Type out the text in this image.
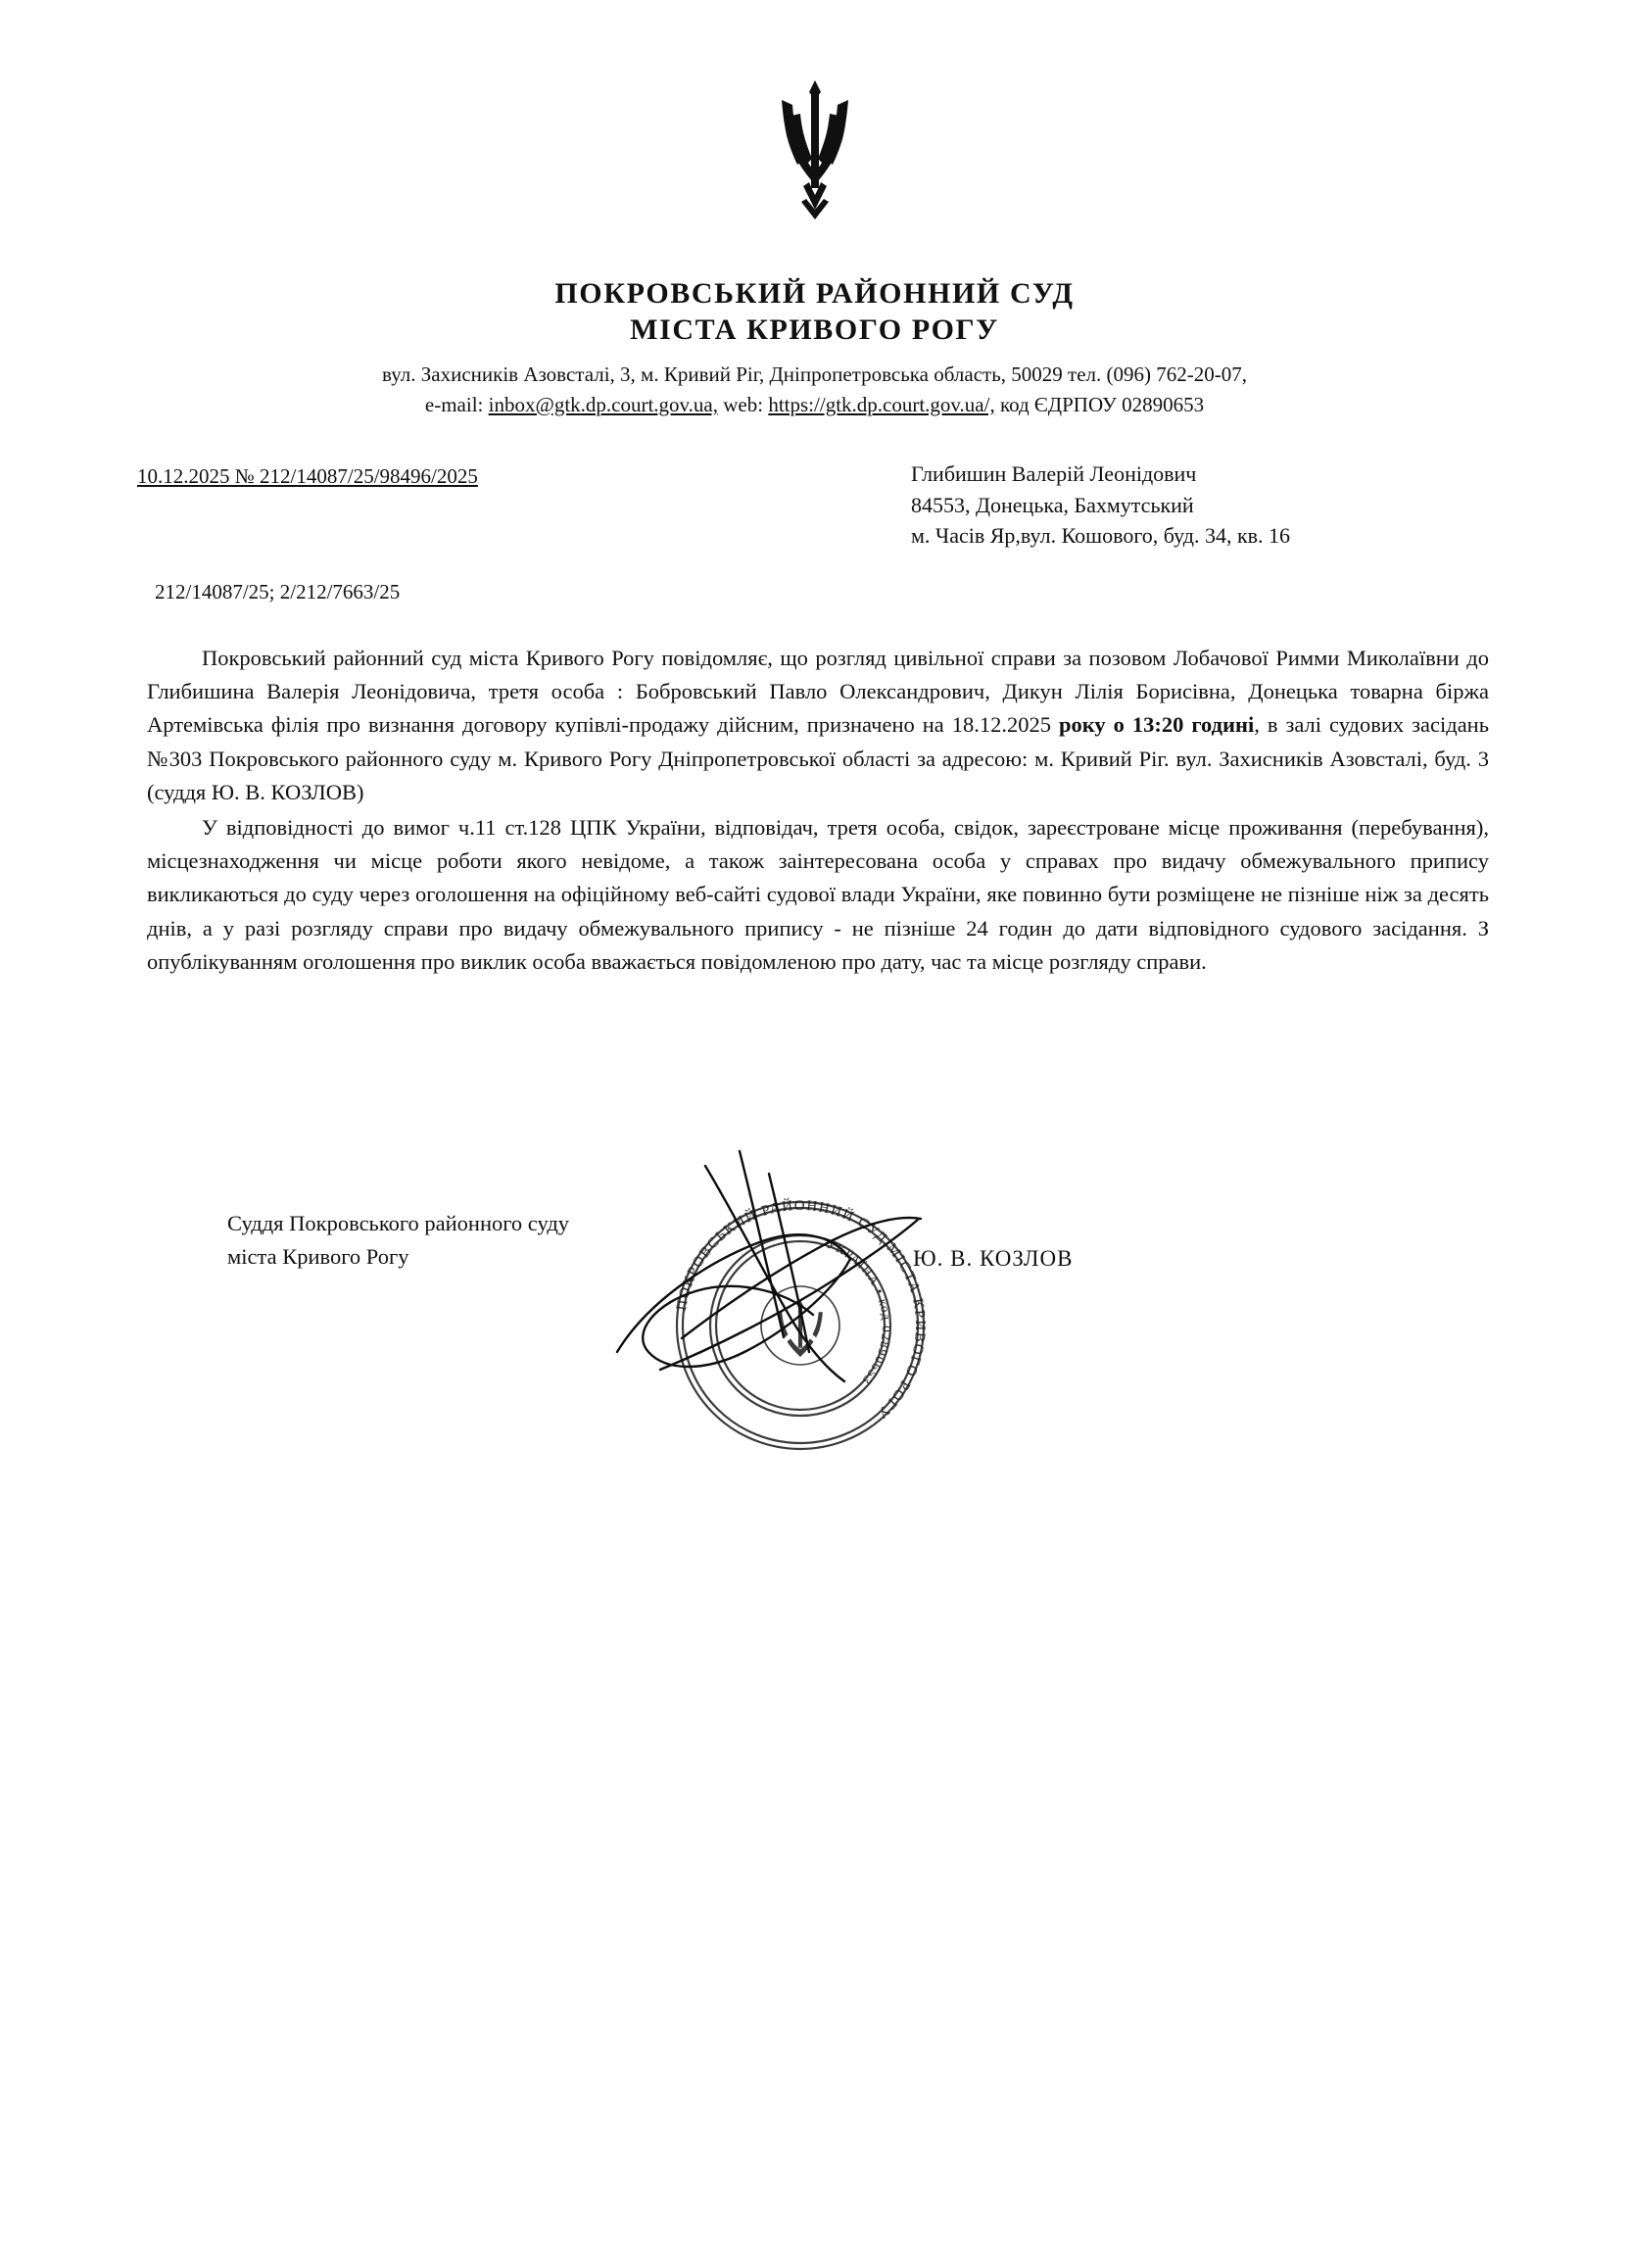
ПОКРОВСЬКИЙ РАЙОННИЙ СУД
МІСТА КРИВОГО РОГУ
вул. Захисників Азовсталі, 3, м. Кривий Ріг, Дніпропетровська область, 50029 тел. (096) 762-20-07,
e-mail: inbox@gtk.dp.court.gov.ua, web: https://gtk.dp.court.gov.ua/, код ЄДРПОУ 02890653
10.12.2025 № 212/14087/25/98496/2025	Глибишин Валерій Леонідович
84553, Донецька, Бахмутський
м. Часів Яр,вул. Кошового, буд. 34, кв. 16
212/14087/25; 2/212/7663/25

Покровський районний суд міста Кривого Рогу повідомляє, що розгляд цивільної справи за позовом Лобачової Римми Миколаївни до Глибишина Валерія Леонідовича, третя особа : Бобровський Павло Олександрович, Дикун Лілія Борисівна, Донецька товарна біржа Артемівська філія про визнання договору купівлі-продажу дійсним, призначено на 18.12.2025 року о 13:20 годині, в залі судових засідань №303 Покровського районного суду м. Кривого Рогу Дніпропетровської області за адресою: м. Кривий Ріг. вул. Захисників Азовсталі, буд. 3 (суддя Ю. В. КОЗЛОВ)

У відповідності до вимог ч.11 ст.128 ЦПК України, відповідач, третя особа, свідок, зареєстроване місце проживання (перебування), місцезнаходження чи місце роботи якого невідоме, а також заінтересована особа у справах про видачу обмежувального припису викликаються до суду через оголошення на офіційному веб-сайті судової влади України, яке повинно бути розміщене не пізніше ніж за десять днів, а у разі розгляду справи про видачу обмежувального припису - не пізніше 24 годин до дати відповідного судового засідання. З опублікуванням оголошення про виклик особа вважається повідомленою про дату, час та місце розгляду справи.

Суддя Покровського районного суду
міста Кривого Рогу	Ю. В. КОЗЛОВ
ПОКРОВСЬКИЙ РАЙОННИЙ СУД МІСТА КРИВОГО РОГУ
УКРАЇНА • код 02890653
